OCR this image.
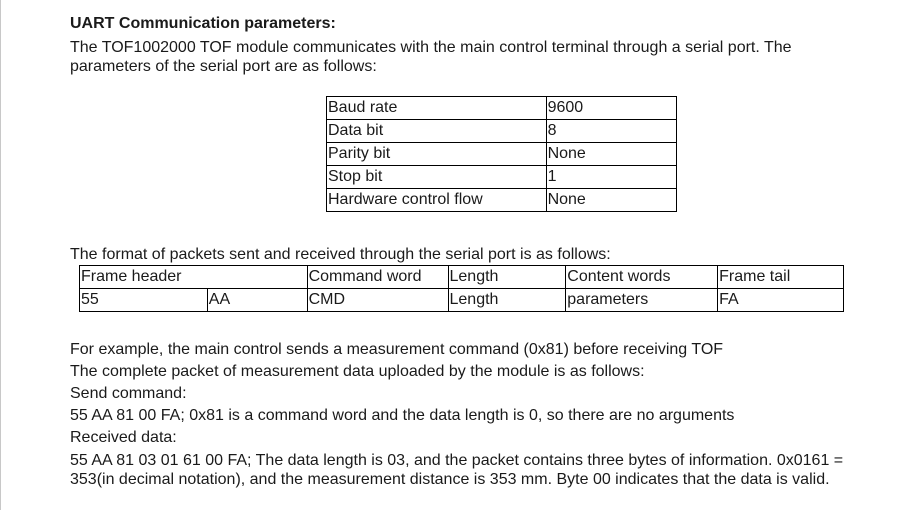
UART Communication parameters:
The TOF1002000 TOF module communicates with the main control terminal through a serial port. The parameters of the serial port are as follows:
Baud rate	9600
Data bit	8
Parity bit	None
Stop bit	1
Hardware control flow	None
The format of packets sent and received through the serial port is as follows:
Frame header		Command word	Length	Content words	Frame tail
55	AA	CMD	Length	parameters	FA

For example, the main control sends a measurement command (0x81) before receiving TOF

The complete packet of measurement data uploaded by the module is as follows:

Send command:

55 AA 81 00 FA; 0x81 is a command word and the data length is 0, so there are no arguments

Received data:

55 AA 81 03 01 61 00 FA; The data length is 03, and the packet contains three bytes of information. 0x0161 = 353(in decimal notation), and the measurement distance is 353 mm. Byte 00 indicates that the data is valid.
